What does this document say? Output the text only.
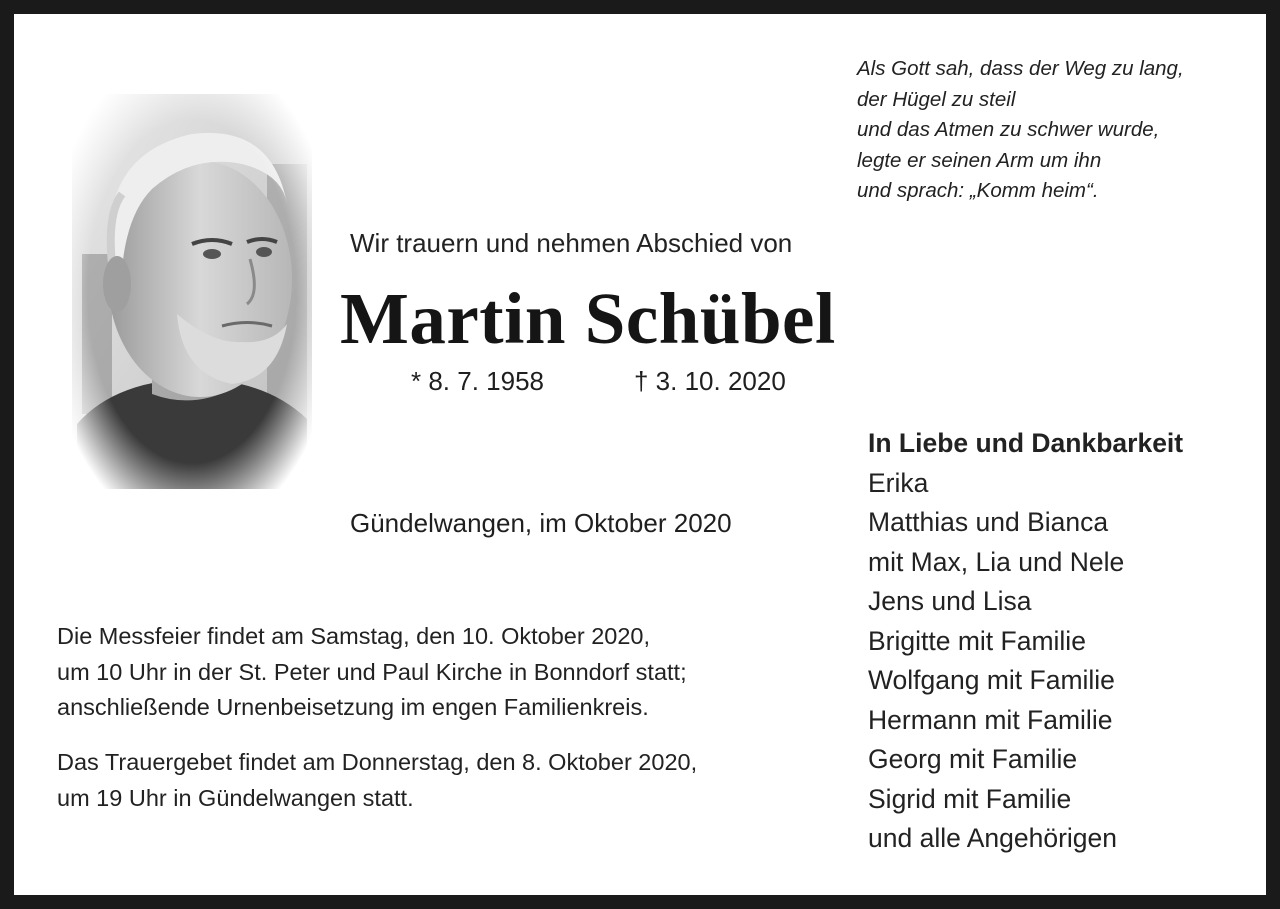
Als Gott sah, dass der Weg zu lang,
der Hügel zu steil
und das Atmen zu schwer wurde,
legte er seinen Arm um ihn
und sprach: „Komm heim“.
Wir trauern und nehmen Abschied von
Martin Schübel
* 8. 7. 1958	† 3. 10. 2020
Gündelwangen, im Oktober 2020
Die Messfeier findet am Samstag, den 10. Oktober 2020,
um 10 Uhr in der St. Peter und Paul Kirche in Bonndorf statt;
anschließende Urnenbeisetzung im engen Familienkreis.
Das Trauergebet findet am Donnerstag, den 8. Oktober 2020,
um 19 Uhr in Gündelwangen statt.
In Liebe und Dankbarkeit
Erika
Matthias und Bianca
mit Max, Lia und Nele
Jens und Lisa
Brigitte mit Familie
Wolfgang mit Familie
Hermann mit Familie
Georg mit Familie
Sigrid mit Familie
und alle Angehörigen
